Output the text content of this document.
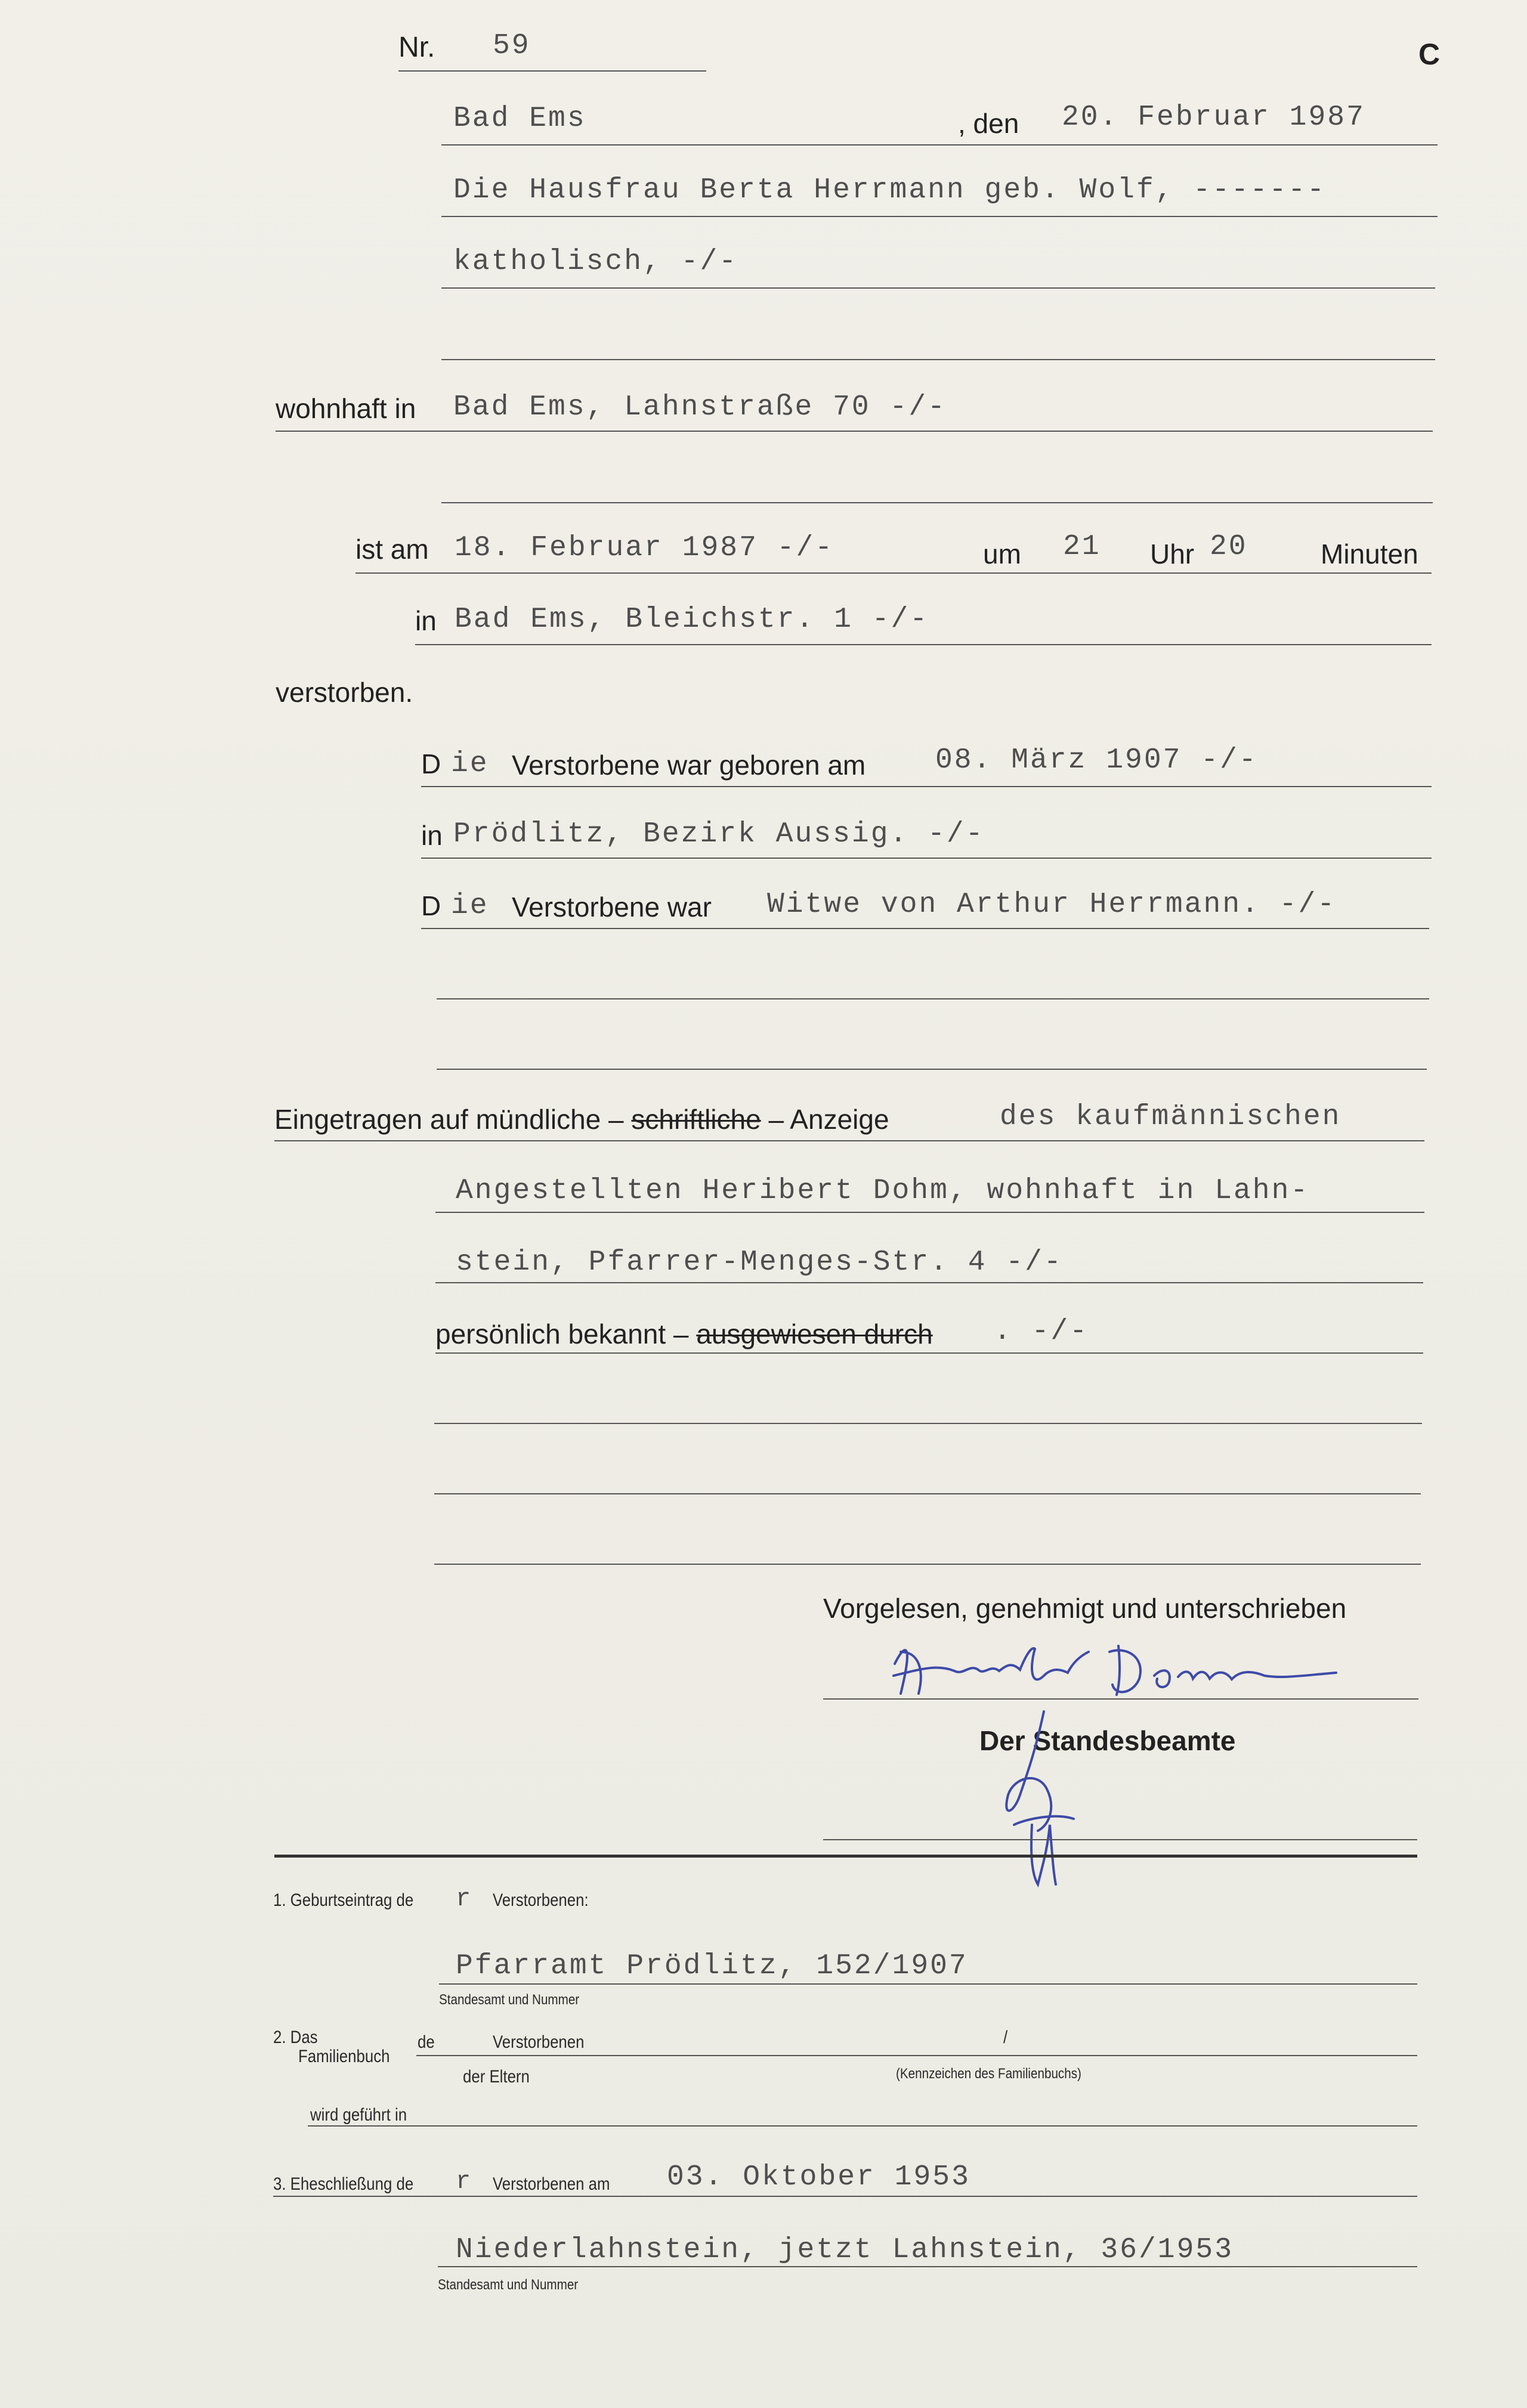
Nr. 59	C
Bad Ems	, den 20. Februar 1987
Die Hausfrau Berta Herrmann geb. Wolf, -------
katholisch, -/-
wohnhaft in Bad Ems, Lahnstraße 70 -/-
ist am 18. Februar 1987 -/-	um 21 Uhr 20	Minuten
in Bad Ems, Bleichstr. 1 -/-
verstorben.
D ie Verstorbene war geboren am 08. März 1907 -/-
in Prödlitz, Bezirk Aussig. -/-
D ie Verstorbene war Witwe von Arthur Herrmann. -/-
Eingetragen auf mündliche – schriftliche – Anzeige	des kaufmännischen
Angestellten Heribert Dohm, wohnhaft in Lahn-
stein, Pfarrer-Menges-Str. 4 -/-
persönlich bekannt – ausgewiesen durch . -/-
Vorgelesen, genehmigt und unterschrieben
Der Standesbeamte
1. Geburtseintrag de r Verstorbenen:
Pfarramt Prödlitz, 152/1907
Standesamt und Nummer
2. Das
Familienbuch
de	Verstorbenen	/
der Eltern	(Kennzeichen des Familienbuchs)
wird geführt in
3. Eheschließung de r Verstorbenen am 03. Oktober 1953
Niederlahnstein, jetzt Lahnstein, 36/1953
Standesamt und Nummer
